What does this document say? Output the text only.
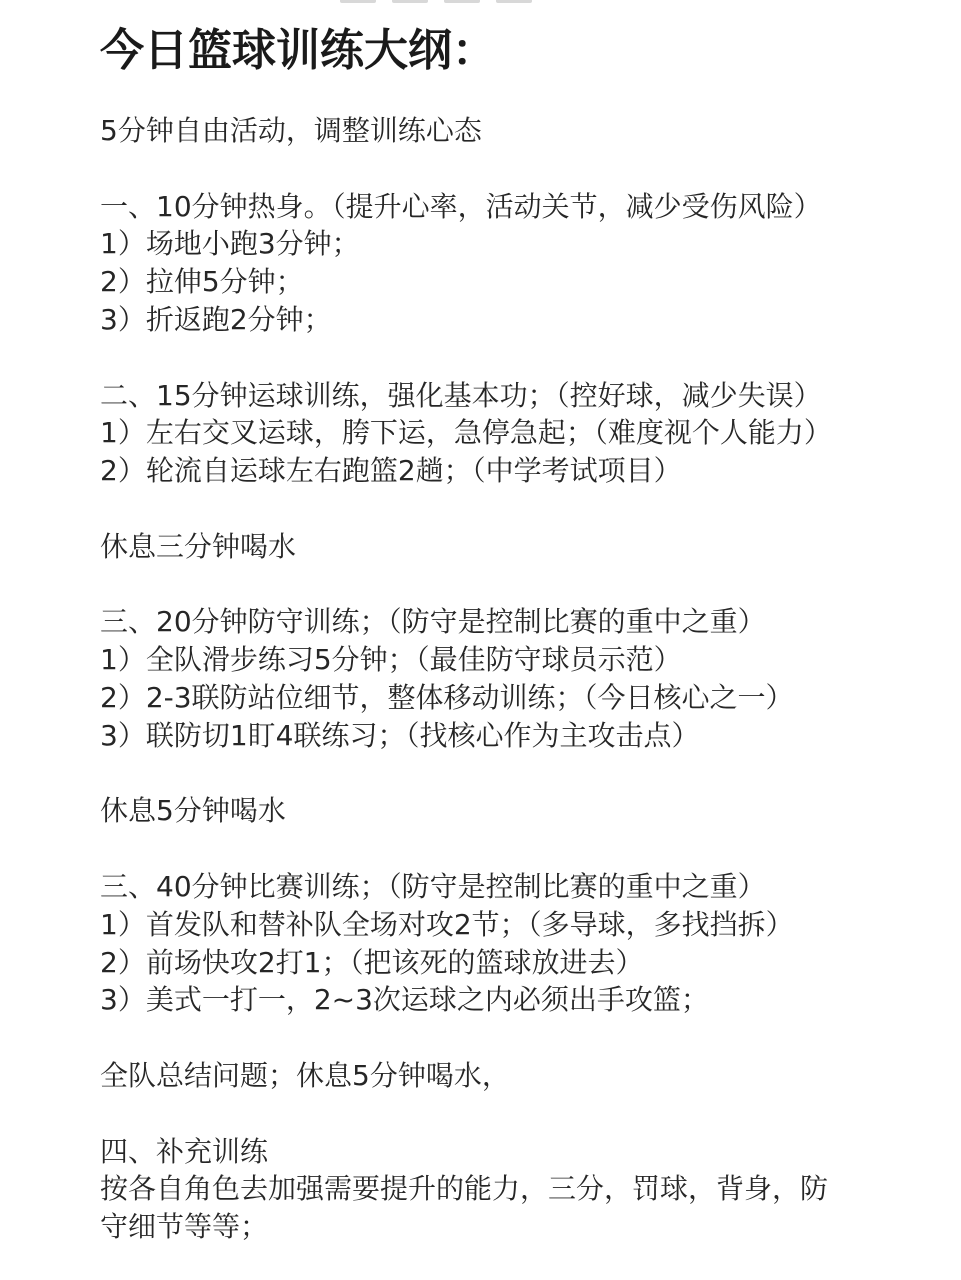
今日篮球训练大纲：
5分钟自由活动，调整训练心态
一、10分钟热身。（提升心率，活动关节，减少受伤风险）
1）场地小跑3分钟；
2）拉伸5分钟；
3）折返跑2分钟；
二、15分钟运球训练，强化基本功；（控好球，减少失误）
1）左右交叉运球，胯下运，急停急起；（难度视个人能力）
2）轮流自运球左右跑篮2趟；（中学考试项目）
休息三分钟喝水
三、20分钟防守训练；（防守是控制比赛的重中之重）
1）全队滑步练习5分钟；（最佳防守球员示范）
2）2-3联防站位细节，整体移动训练；（今日核心之一）
3）联防切1盯4联练习；（找核心作为主攻击点）
休息5分钟喝水
三、40分钟比赛训练；（防守是控制比赛的重中之重）
1）首发队和替补队全场对攻2节；（多导球，多找挡拆）
2）前场快攻2打1；（把该死的篮球放进去）
3）美式一打一，2~3次运球之内必须出手攻篮；
全队总结问题；休息5分钟喝水，
四、补充训练
按各自角色去加强需要提升的能力，三分，罚球，背身，防
守细节等等；
